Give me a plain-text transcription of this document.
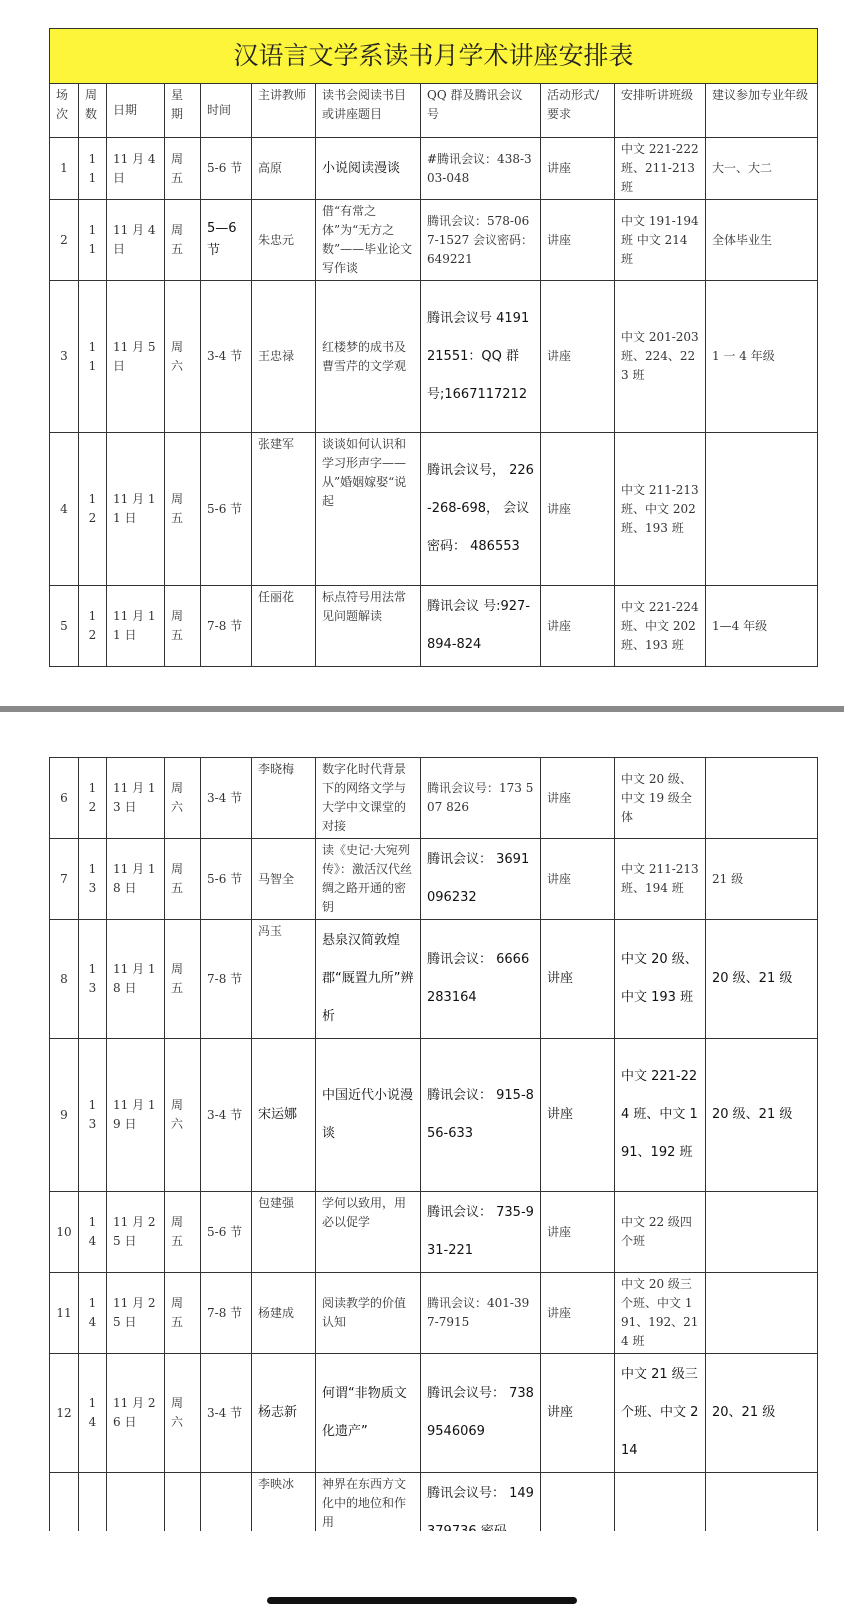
汉语言文学系读书月学术讲座安排表										
场次	周数	日期	星期	时间	主讲教师	读书会阅读书目或讲座题目	QQ 群及腾讯会议号	活动形式/要求	安排听讲班级	建议参加专业年级
1	11	11 月 4 日	周五	5-6 节	高原	小说阅读漫谈	#腾讯会议：438-303-048	讲座	中文 221-222 班、211-213 班	大一、大二
2	11	11 月 4 日	周五	5—6 节	朱忠元	借“有常之体”为“无方之数”——毕业论文写作谈	腾讯会议：578-067-1527 会议密码：649221	讲座	中文 191-194 班 中文 214 班	全体毕业生
3	11	11 月 5 日	周六	3-4 节	王忠禄	红楼梦的成书及曹雪芹的文学观	腾讯会议号 419121551：QQ 群 号;1667117212	讲座	中文 201-203 班、224、223 班	1 一 4 年级
4	12	11 月 11 日	周五	5-6 节	张建军	谈谈如何认识和学习形声字——从”婚姻嫁娶“说起	腾讯会议号， 226-268-698， 会议密码： 486553	讲座	中文 211-213 班、中文 202 班、193 班	
5	12	11 月 11 日	周五	7-8 节	任丽花	标点符号用法常见问题解读	腾讯会议 号:927-894-824	讲座	中文 221-224 班、中文 202 班、193 班	1—4 年级
6	12	11 月 13 日	周六	3-4 节	李晓梅	数字化时代背景下的网络文学与大学中文课堂的对接	腾讯会议号：173 507 826	讲座	中文 20 级、中文 19 级全体	
7	13	11 月 18 日	周五	5-6 节	马智全	读《史记·大宛列传》：激活汉代丝绸之路开通的密钥	腾讯会议： 3691096232	讲座	中文 211-213 班、194 班	21 级
8	13	11 月 18 日	周五	7-8 节	冯玉	悬泉汉简敦煌郡“厩置九所”辨析	腾讯会议： 6666283164	讲座	中文 20 级、中文 193 班	20 级、21 级
9	13	11 月 19 日	周六	3-4 节	宋运娜	中国近代小说漫谈	腾讯会议： 915-856-633	讲座	中文 221-224 班、中文 191、192 班	20 级、21 级
10	14	11 月 25 日	周五	5-6 节	包建强	学何以致用，用必以促学	腾讯会议： 735-931-221	讲座	中文 22 级四个班	
11	14	11 月 25 日	周五	7-8 节	杨建成	阅读教学的价值认知	腾讯会议：401-397-7915	讲座	中文 20 级三个班、中文 191、192、214 班	
12	14	11 月 26 日	周六	3-4 节	杨志新	何谓“非物质文化遗产”	腾讯会议号： 7389546069	讲座	中文 21 级三个班、中文 214	20、21 级
					李映冰	神界在东西方文化中的地位和作用	腾讯会议号： 149			
